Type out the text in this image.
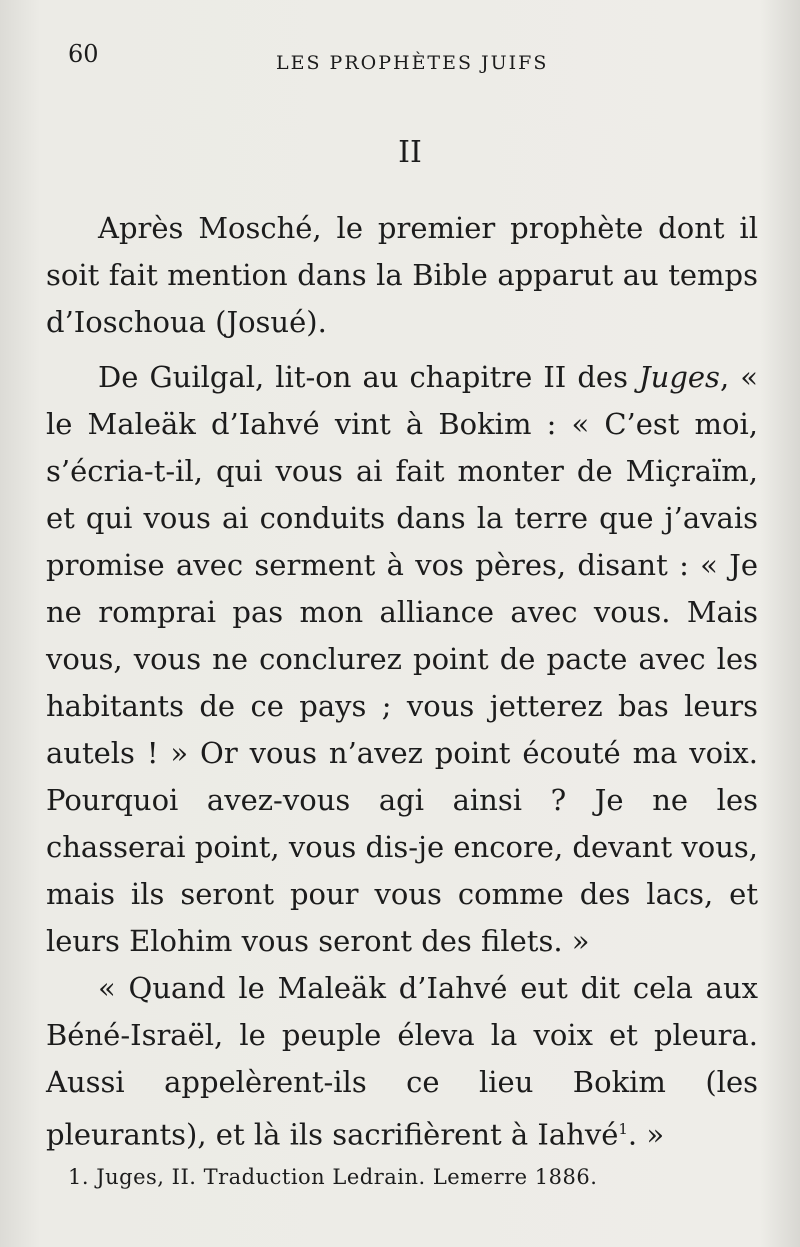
60	LES PROPHÈTES JUIFS
II

Après Mosché, le premier prophète dont il soit fait mention dans la Bible apparut au temps d’Ioschoua (Josué).

De Guilgal, lit-on au chapitre II des Juges, « le Maleäk d’Iahvé vint à Bokim : « C’est moi, s’écria-t-il, qui vous ai fait monter de Miçraïm, et qui vous ai conduits dans la terre que j’avais promise avec serment à vos pères, disant : « Je ne romprai pas mon alliance avec vous. Mais vous, vous ne conclurez point de pacte avec les habitants de ce pays ; vous jetterez bas leurs autels ! » Or vous n’avez point écouté ma voix. Pourquoi avez-vous agi ainsi ? Je ne les chasserai point, vous dis-je encore, devant vous, mais ils seront pour vous comme des lacs, et leurs Elohim vous seront des filets. »

« Quand le Maleäk d’Iahvé eut dit cela aux Béné-Israël, le peuple éleva la voix et pleura. Aussi appelèrent-ils ce lieu Bokim (les pleurants), et là ils sacrifièrent à Iahvé$^1$. »

1. Juges, II. Traduction Ledrain. Lemerre 1886.
